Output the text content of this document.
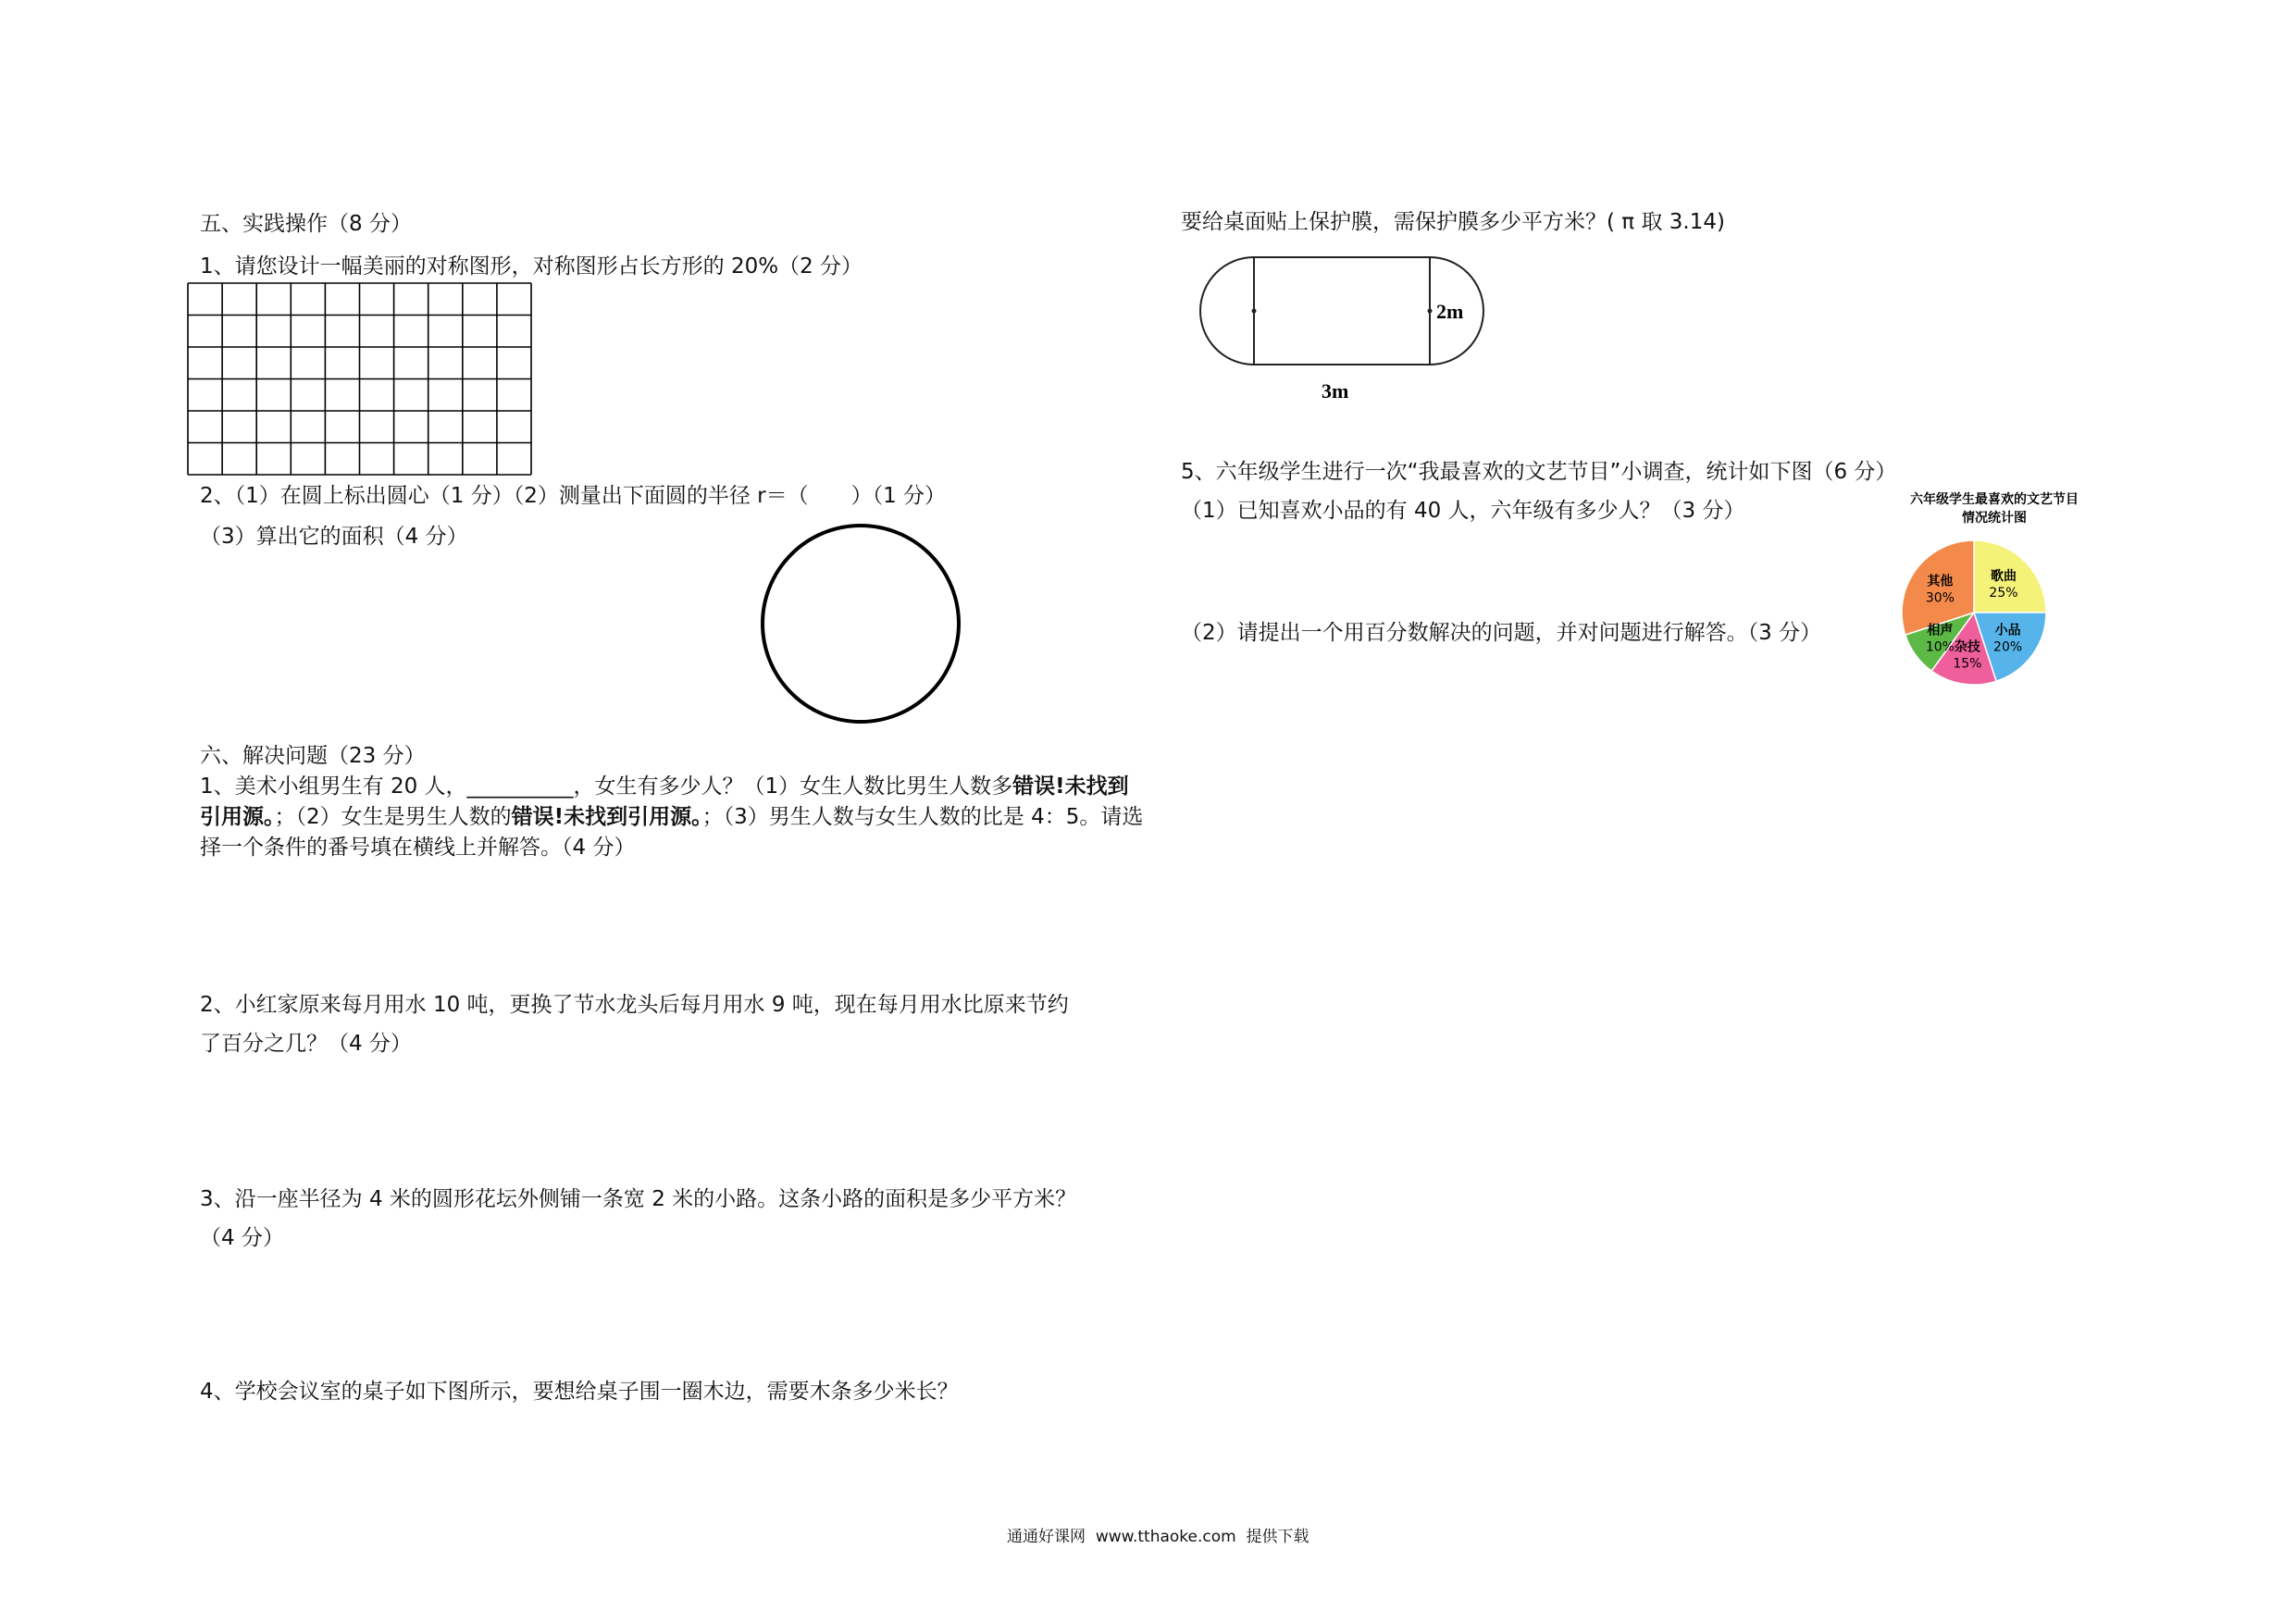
五、实践操作（8 分）
1、请您设计一幅美丽的对称图形，对称图形占长方形的 20%（2 分）
2、（1）在圆上标出圆心（1 分）（2）测量出下面圆的半径 r＝（　　）（1 分）
（3）算出它的面积（4 分）
六、解决问题（23 分）
1、美术小组男生有 20 人，__________，女生有多少人？（1）女生人数比男生人数多错误!未找到引用源。；（2）女生是男生人数的错误!未找到引用源。；（3）男生人数与女生人数的比是 4：5。请选择一个条件的番号填在横线上并解答。（4 分）
2、小红家原来每月用水 10 吨，更换了节水龙头后每月用水 9 吨，现在每月用水比原来节约
了百分之几？（4 分）
3、沿一座半径为 4 米的圆形花坛外侧铺一条宽 2 米的小路。这条小路的面积是多少平方米？
（4 分）
4、学校会议室的桌子如下图所示，要想给桌子围一圈木边，需要木条多少米长？
要给桌面贴上保护膜，需保护膜多少平方米？( π 取 3.14)
2m
3m
5、六年级学生进行一次“我最喜欢的文艺节目”小调查，统计如下图（6 分）
（1）已知喜欢小品的有 40 人，六年级有多少人？（3 分）
（2）请提出一个用百分数解决的问题，并对问题进行解答。（3 分）
六年级学生最喜欢的文艺节目
情况统计图
歌曲
25%
小品
20%
杂技
15%
相声
10%
其他
30%
通通好课网 www.tthaoke.com 提供下载
